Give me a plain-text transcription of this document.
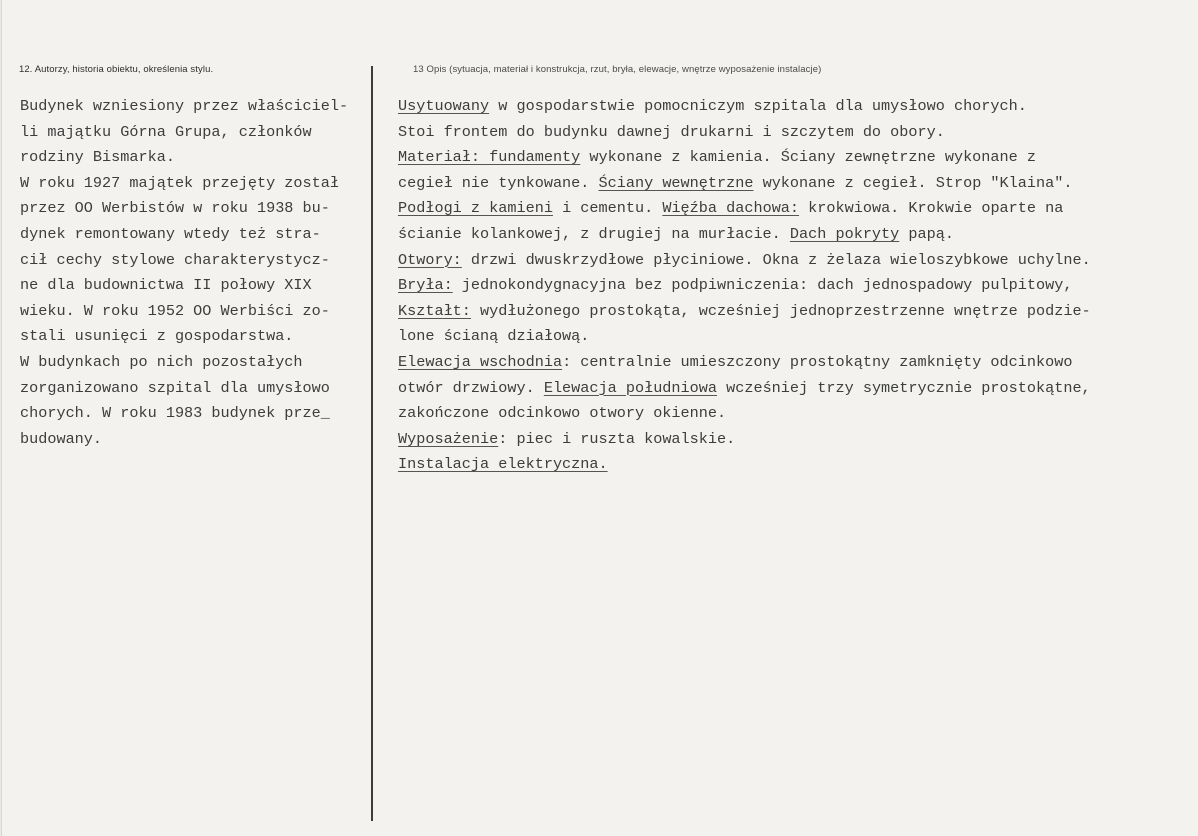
12. Autorzy, historia obiektu, określenia stylu.	13 Opis (sytuacja, materiał i konstrukcja, rzut, bryła, elewacje, wnętrze wyposażenie instalacje)
Budynek wzniesiony przez właściciel-
li majątku Górna Grupa, członków
rodziny Bismarka.
W roku 1927 majątek przejęty został
przez OO Werbistów w roku 1938 bu-
dynek remontowany wtedy też stra-
cił cechy stylowe charakterystycz-
ne dla budownictwa II połowy XIX
wieku. W roku 1952 OO Werbiści zo-
stali usunięci z gospodarstwa.
W budynkach po nich pozostałych
zorganizowano szpital dla umysłowo
chorych. W roku 1983 budynek prze_
budowany.
Usytuowany w gospodarstwie pomocniczym szpitala dla umysłowo chorych.
Stoi frontem do budynku dawnej drukarni i szczytem do obory.
Materiał: fundamenty wykonane z kamienia. Ściany zewnętrzne wykonane z
cegieł nie tynkowane. Ściany wewnętrzne wykonane z cegieł. Strop "Klaina".
Podłogi z kamieni i cementu. Więźba dachowa: krokwiowa. Krokwie oparte na
ścianie kolankowej, z drugiej na murłacie. Dach pokryty papą.
Otwory: drzwi dwuskrzydłowe płyciniowe. Okna z żelaza wieloszybkowe uchylne.
Bryła: jednokondygnacyjna bez podpiwniczenia: dach jednospadowy pulpitowy,
Kształt: wydłużonego prostokąta, wcześniej jednoprzestrzenne wnętrze podzie-
lone ścianą działową.
Elewacja wschodnia: centralnie umieszczony prostokątny zamknięty odcinkowo
otwór drzwiowy. Elewacja południowa wcześniej trzy symetrycznie prostokątne,
zakończone odcinkowo otwory okienne.
Wyposażenie: piec i ruszta kowalskie.
Instalacja elektryczna.
